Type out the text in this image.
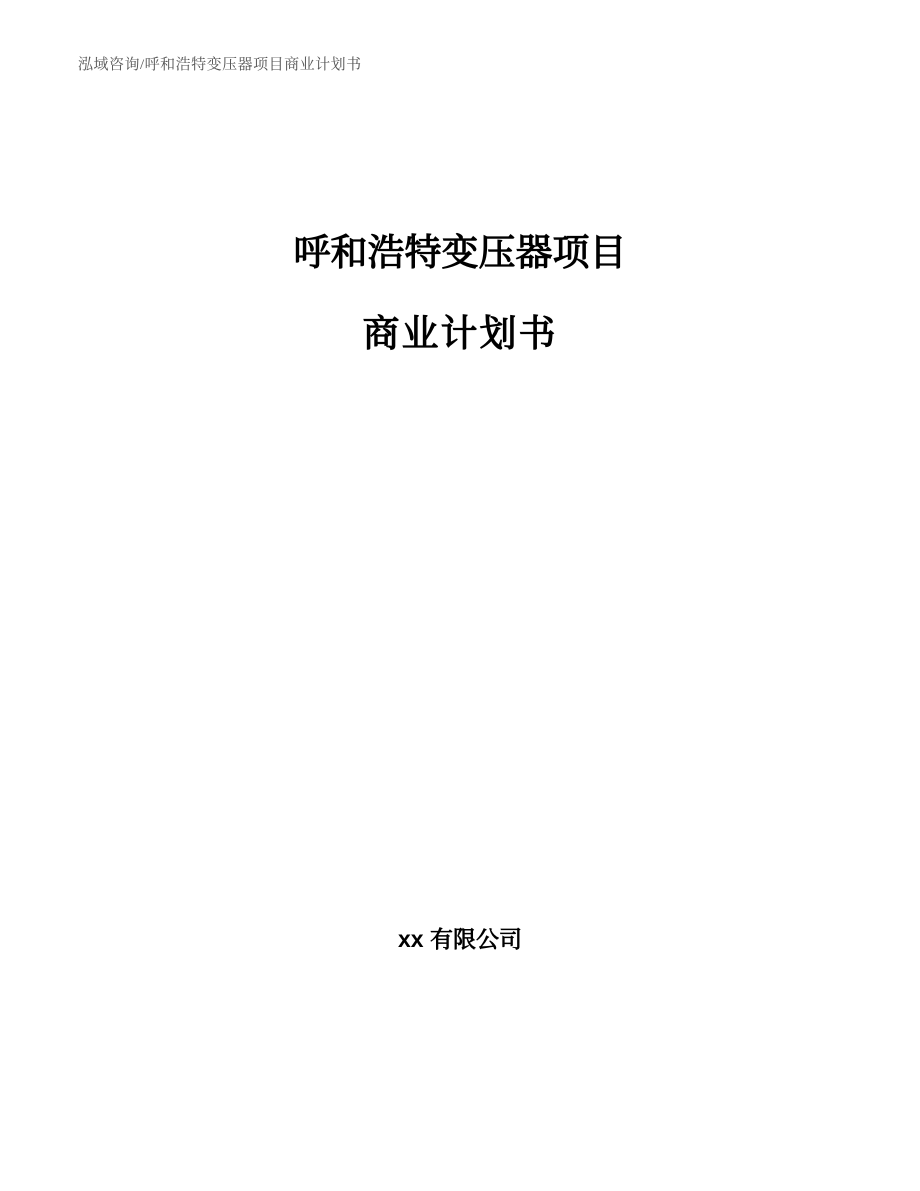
泓域咨询/呼和浩特变压器项目商业计划书
呼和浩特变压器项目
商业计划书
xx 有限公司
